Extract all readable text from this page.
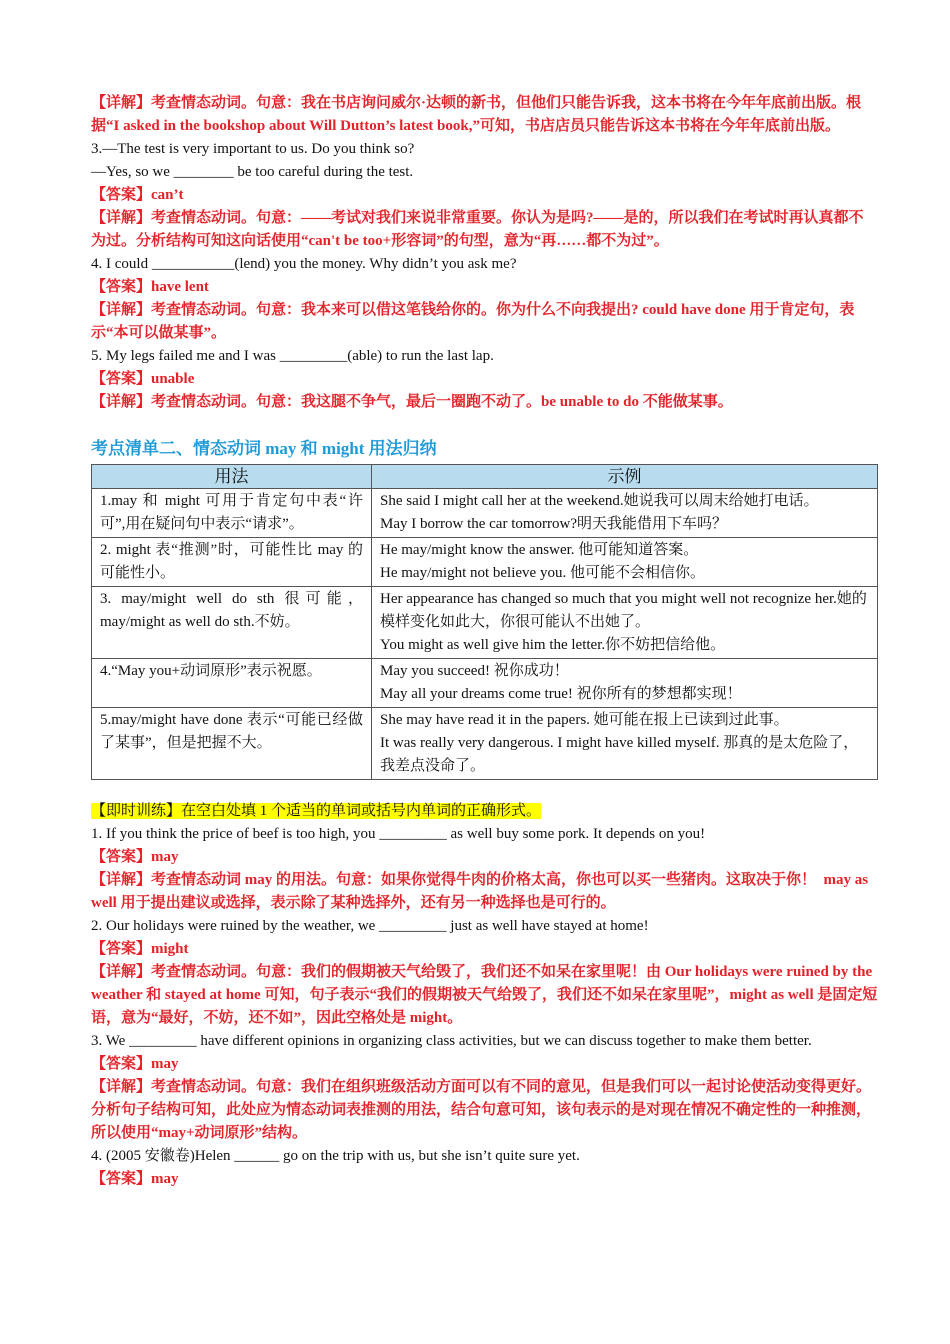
【详解】考查情态动词。句意：我在书店询问威尔·达顿的新书，但他们只能告诉我，这本书将在今年年底前出版。根据“I asked in the bookshop about Will Dutton’s latest book,”可知，书店店员只能告诉这本书将在今年年底前出版。
3.—The test is very important to us. Do you think so?
—Yes, so we ________ be too careful during the test.
【答案】can’t
【详解】考查情态动词。句意：——考试对我们来说非常重要。你认为是吗?——是的，所以我们在考试时再认真都不为过。分析结构可知这向话使用“can't be too+形容词”的句型，意为“再……都不为过”。
4. I could ___________(lend) you the money. Why didn’t you ask me?
【答案】have lent
【详解】考查情态动词。句意：我本来可以借这笔钱给你的。你为什么不向我提出? could have done 用于肯定句，表示“本可以做某事”。
5. My legs failed me and I was _________(able) to run the last lap.
【答案】unable
【详解】考查情态动词。句意：我这腿不争气，最后一圈跑不动了。be unable to do 不能做某事。
考点清单二、情态动词 may 和 might 用法归纳
用法	示例
1.may 和 might 可用于肯定句中表“许可”,用在疑问句中表示“请求”。	She said I might call her at the weekend.她说我可以周末给她打电话。
May I borrow the car tomorrow?明天我能借用下车吗？

2. might 表“推测”时，可能性比 may 的可能性小。	He may/might know the answer. 他可能知道答案。
He may/might not believe you. 他可能不会相信你。

3. may/might well do sth 很可能，may/might as well do sth.不妨。	Her appearance has changed so much that you might well not recognize her.她的模样变化如此大，你很可能认不出她了。
You might as well give him the letter.你不妨把信给他。

4.“May you+动词原形”表示祝愿。	May you succeed! 祝你成功！
May all your dreams come true! 祝你所有的梦想都实现！

5.may/might have done 表示“可能已经做了某事”，但是把握不大。	She may have read it in the papers. 她可能在报上已读到过此事。
It was really very dangerous. I might have killed myself. 那真的是太危险了，我差点没命了。
【即时训练】在空白处填 1 个适当的单词或括号内单词的正确形式。
1. If you think the price of beef is too high, you _________ as well buy some pork. It depends on you!
【答案】may
【详解】考查情态动词 may 的用法。句意：如果你觉得牛肉的价格太高，你也可以买一些猪肉。这取决于你！  may as well 用于提出建议或选择，表示除了某种选择外，还有另一种选择也是可行的。
2. Our holidays were ruined by the weather, we _________ just as well have stayed at home!
【答案】might
【详解】考查情态动词。句意：我们的假期被天气给毁了，我们还不如呆在家里呢！由 Our holidays were ruined by the weather 和 stayed at home 可知，句子表示“我们的假期被天气给毁了，我们还不如呆在家里呢”，might as well 是固定短语，意为“最好，不妨，还不如”，因此空格处是 might。
3. We _________ have different opinions in organizing class activities, but we can discuss together to make them better.
【答案】may
【详解】考查情态动词。句意：我们在组织班级活动方面可以有不同的意见，但是我们可以一起讨论使活动变得更好。分析句子结构可知，此处应为情态动词表推测的用法，结合句意可知，该句表示的是对现在情况不确定性的一种推测，所以使用“may+动词原形”结构。
4. (2005 安徽卷)Helen ______ go on the trip with us, but she isn’t quite sure yet.
【答案】may
